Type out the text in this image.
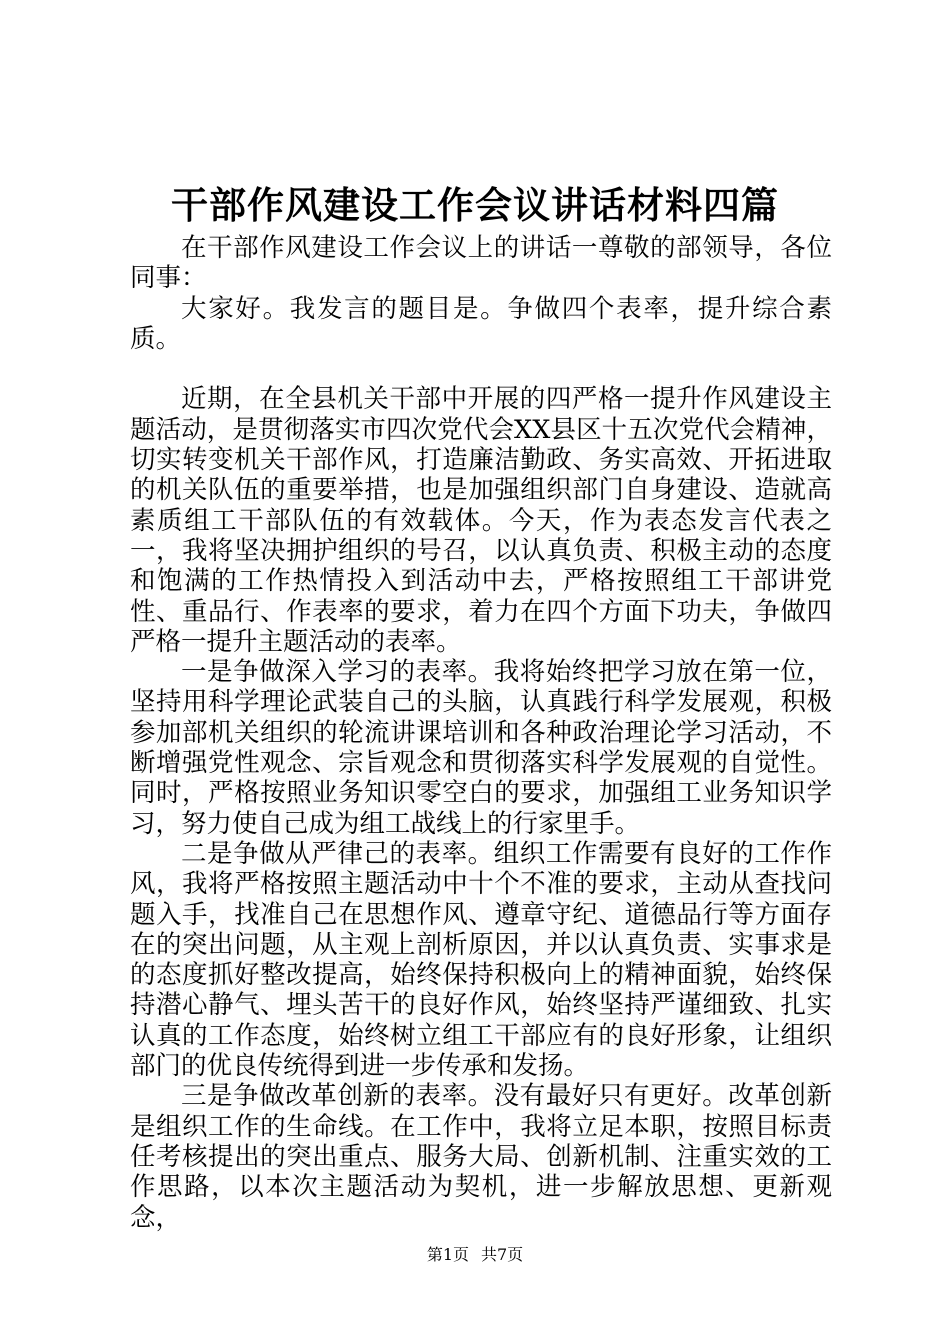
干部作风建设工作会议讲话材料四篇

在干部作风建设工作会议上的讲话一尊敬的部领导，各位同事：

大家好。我发言的题目是。争做四个表率，提升综合素质。

近期，在全县机关干部中开展的四严格一提升作风建设主题活动，是贯彻落实市四次党代会XX县区十五次党代会精神，切实转变机关干部作风，打造廉洁勤政、务实高效、开拓进取的机关队伍的重要举措，也是加强组织部门自身建设、造就高素质组工干部队伍的有效载体。今天，作为表态发言代表之一，我将坚决拥护组织的号召，以认真负责、积极主动的态度和饱满的工作热情投入到活动中去，严格按照组工干部讲党性、重品行、作表率的要求，着力在四个方面下功夫，争做四严格一提升主题活动的表率。

一是争做深入学习的表率。我将始终把学习放在第一位，坚持用科学理论武装自己的头脑，认真践行科学发展观，积极参加部机关组织的轮流讲课培训和各种政治理论学习活动，不断增强党性观念、宗旨观念和贯彻落实科学发展观的自觉性。同时，严格按照业务知识零空白的要求，加强组工业务知识学习，努力使自己成为组工战线上的行家里手。

二是争做从严律己的表率。组织工作需要有良好的工作作风，我将严格按照主题活动中十个不准的要求，主动从查找问题入手，找准自己在思想作风、遵章守纪、道德品行等方面存在的突出问题，从主观上剖析原因，并以认真负责、实事求是的态度抓好整改提高，始终保持积极向上的精神面貌，始终保持潜心静气、埋头苦干的良好作风，始终坚持严谨细致、扎实认真的工作态度，始终树立组工干部应有的良好形象，让组织部门的优良传统得到进一步传承和发扬。

三是争做改革创新的表率。没有最好只有更好。改革创新是组织工作的生命线。在工作中，我将立足本职，按照目标责任考核提出的突出重点、服务大局、创新机制、注重实效的工作思路，以本次主题活动为契机，进一步解放思想、更新观念，

第1页 共7页
